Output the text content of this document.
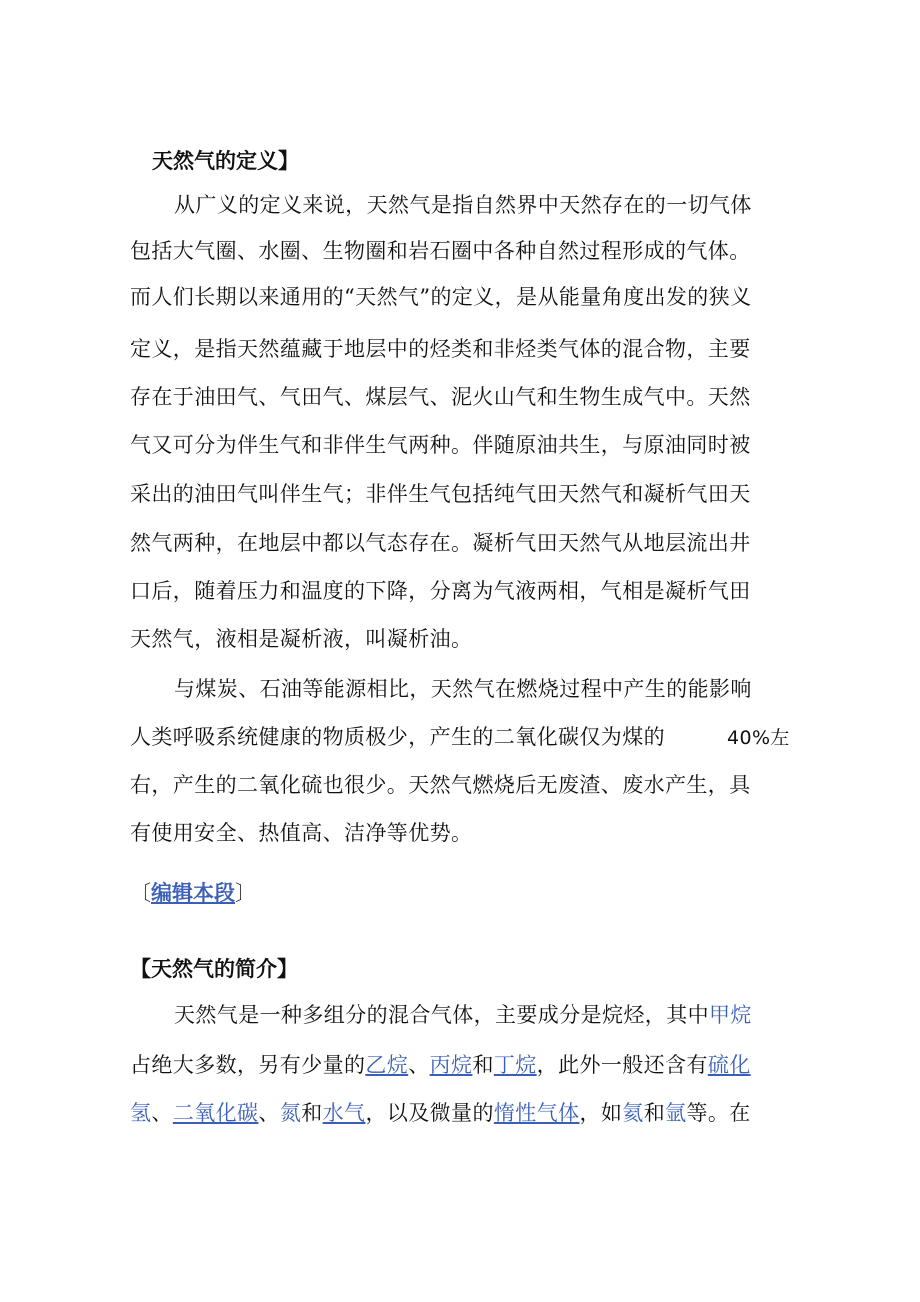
天然气的定义】
从广义的定义来说，天然气是指自然界中天然存在的一切气体
包括大气圈、水圈、生物圈和岩石圈中各种自然过程形成的气体。
而人们长期以来通用的“天然气”的定义，是从能量角度出发的狭义
定义，是指天然蕴藏于地层中的烃类和非烃类气体的混合物，主要
存在于油田气、气田气、煤层气、泥火山气和生物生成气中。天然
气又可分为伴生气和非伴生气两种。伴随原油共生，与原油同时被
采出的油田气叫伴生气；非伴生气包括纯气田天然气和凝析气田天
然气两种，在地层中都以气态存在。凝析气田天然气从地层流出井
口后，随着压力和温度的下降，分离为气液两相，气相是凝析气田
天然气，液相是凝析液，叫凝析油。
与煤炭、石油等能源相比，天然气在燃烧过程中产生的能影响
人类呼吸系统健康的物质极少，产生的二氧化碳仅为煤的	40%左
右，产生的二氧化硫也很少。天然气燃烧后无废渣、废水产生，具
有使用安全、热值高、洁净等优势。
〔编辑本段〕
【天然气的简介】
天然气是一种多组分的混合气体，主要成分是烷烃，其中甲烷
占绝大多数，另有少量的乙烷、丙烷和丁烷，此外一般还含有硫化
氢、二氧化碳、氮和水气，以及微量的惰性气体，如氦和氩等。在
